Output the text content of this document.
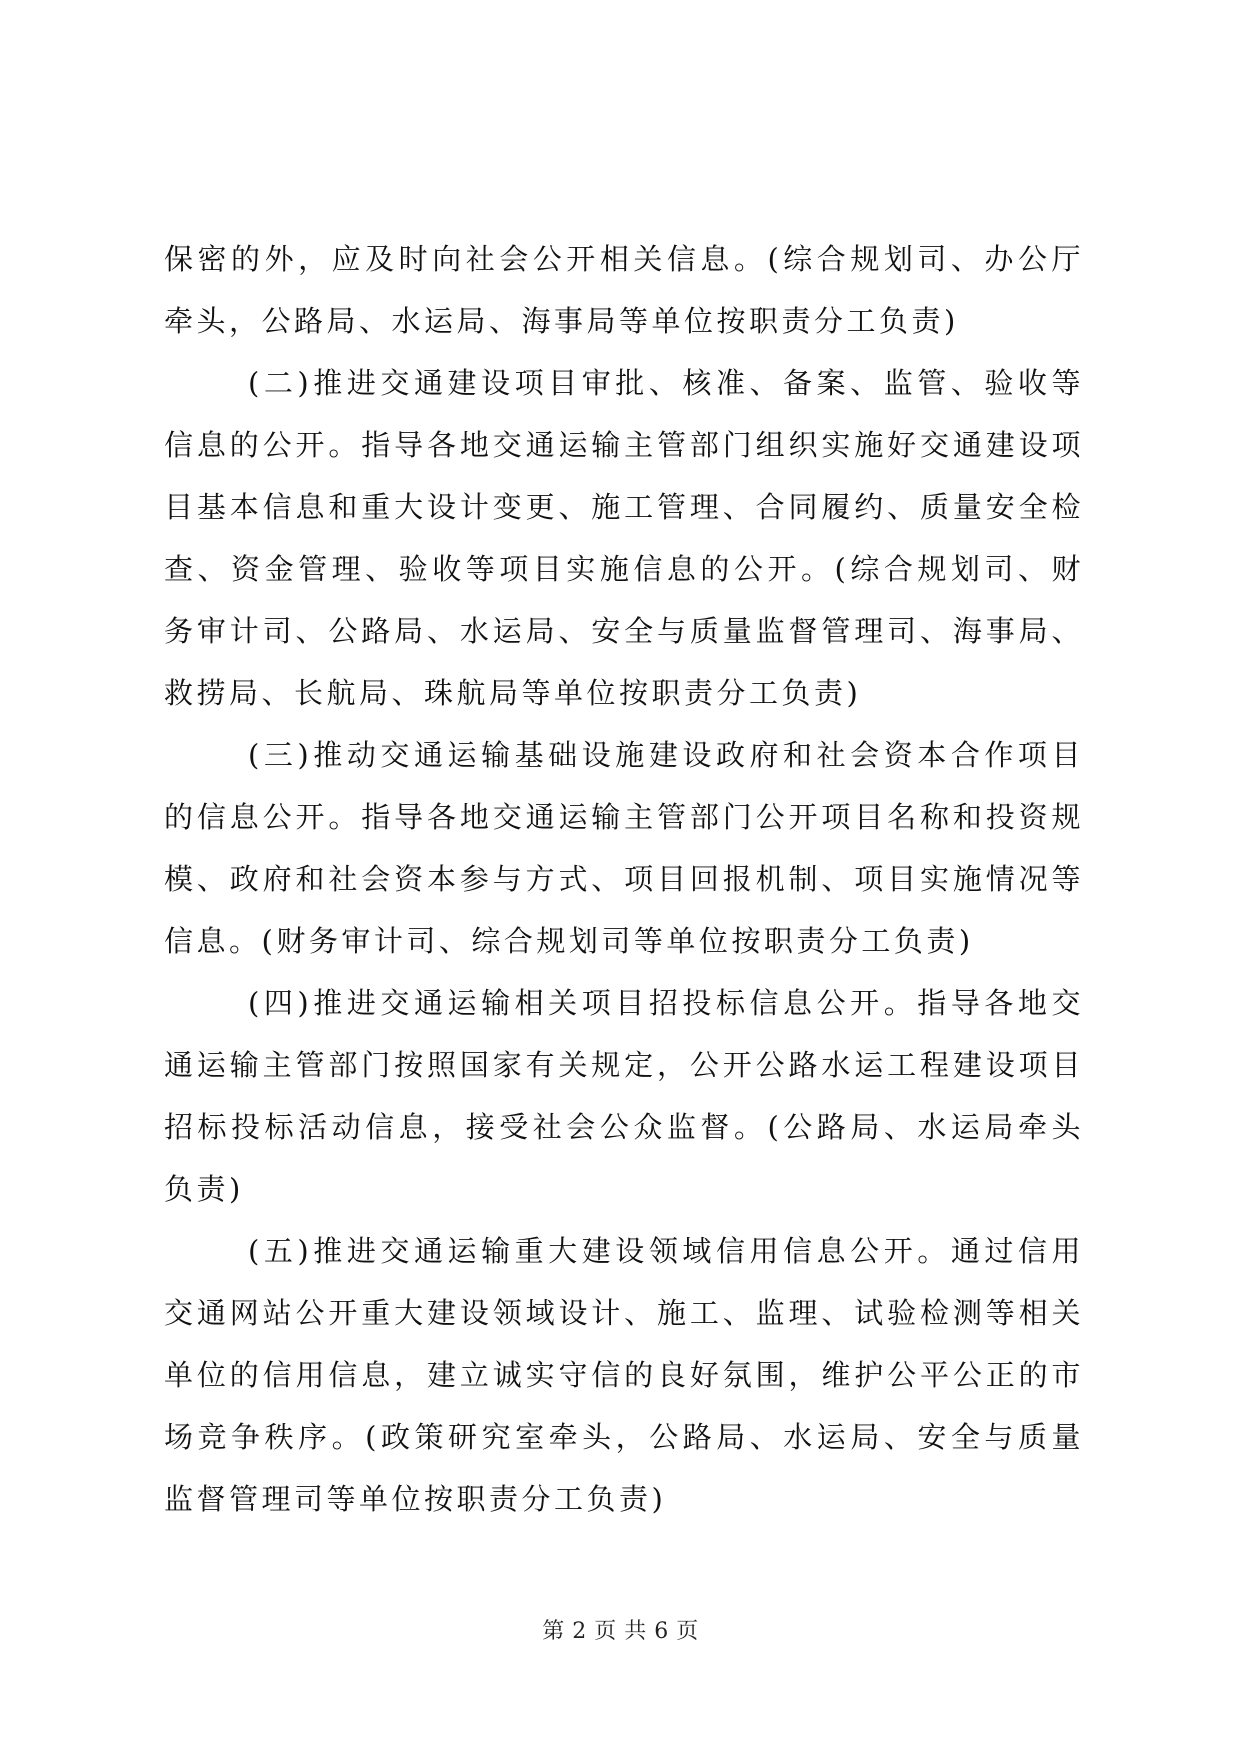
保密的外，应及时向社会公开相关信息。(综合规划司、办公厅牵头，公路局、水运局、海事局等单位按职责分工负责)

(二)推进交通建设项目审批、核准、备案、监管、验收等信息的公开。指导各地交通运输主管部门组织实施好交通建设项目基本信息和重大设计变更、施工管理、合同履约、质量安全检查、资金管理、验收等项目实施信息的公开。(综合规划司、财务审计司、公路局、水运局、安全与质量监督管理司、海事局、救捞局、长航局、珠航局等单位按职责分工负责)

(三)推动交通运输基础设施建设政府和社会资本合作项目的信息公开。指导各地交通运输主管部门公开项目名称和投资规模、政府和社会资本参与方式、项目回报机制、项目实施情况等信息。(财务审计司、综合规划司等单位按职责分工负责)

(四)推进交通运输相关项目招投标信息公开。指导各地交通运输主管部门按照国家有关规定，公开公路水运工程建设项目招标投标活动信息，接受社会公众监督。(公路局、水运局牵头负责)

(五)推进交通运输重大建设领域信用信息公开。通过信用交通网站公开重大建设领域设计、施工、监理、试验检测等相关单位的信用信息，建立诚实守信的良好氛围，维护公平公正的市场竞争秩序。(政策研究室牵头，公路局、水运局、安全与质量监督管理司等单位按职责分工负责)

第 2 页 共 6 页
